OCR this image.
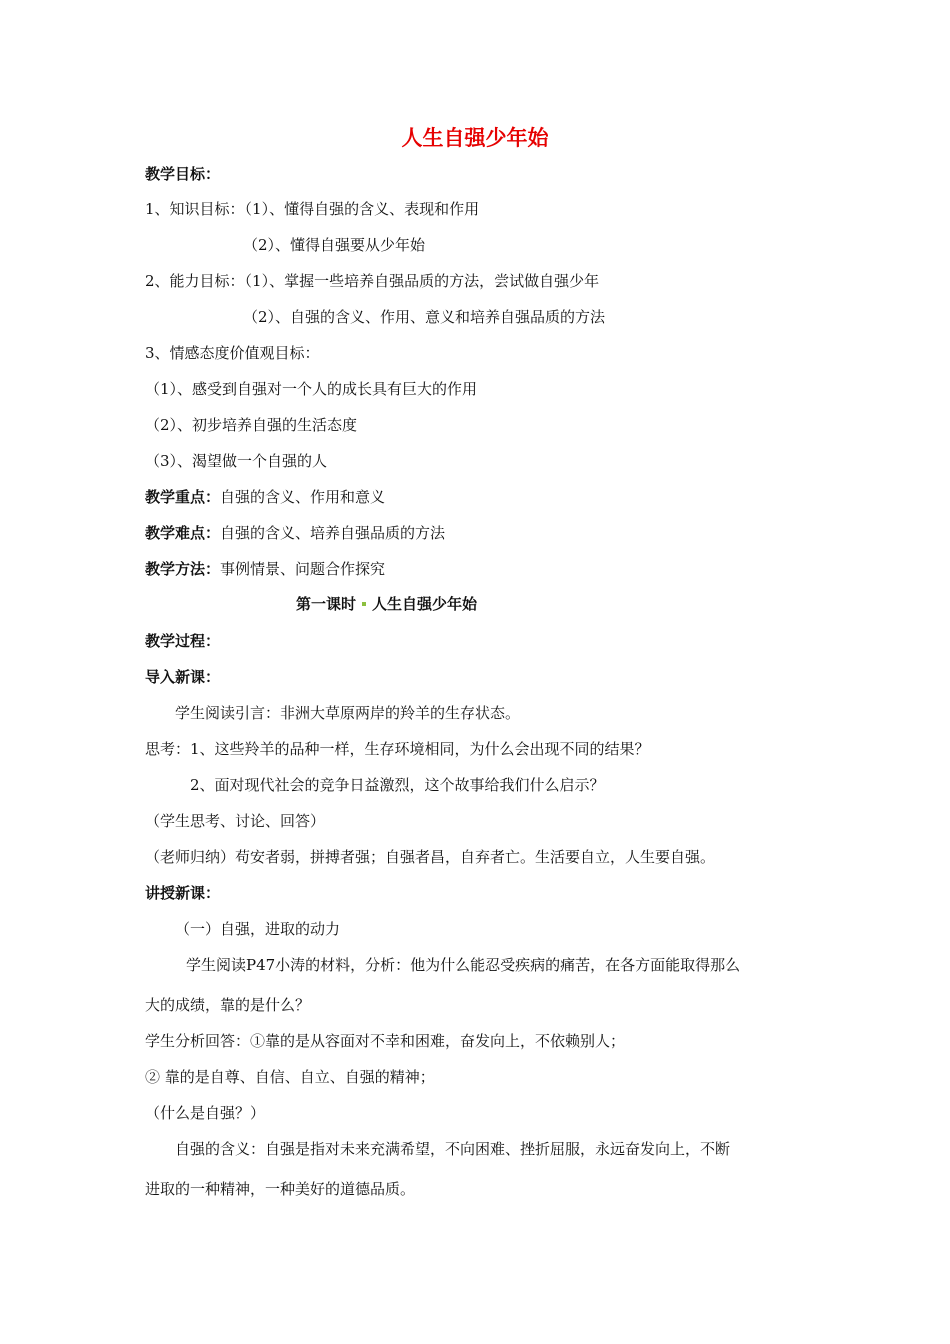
人生自强少年始
教学目标：
1、知识目标：（1）、懂得自强的含义、表现和作用
（2）、懂得自强要从少年始
2、能力目标：（1）、掌握一些培养自强品质的方法，尝试做自强少年
（2）、自强的含义、作用、意义和培养自强品质的方法
3、情感态度价值观目标：
（1）、感受到自强对一个人的成长具有巨大的作用
（2）、初步培养自强的生活态度
（3）、渴望做一个自强的人
教学重点：自强的含义、作用和意义
教学难点：自强的含义、培养自强品质的方法
教学方法：事例情景、问题合作探究
第一课时 人生自强少年始
教学过程：
导入新课：
学生阅读引言：非洲大草原两岸的羚羊的生存状态。
思考：1、这些羚羊的品种一样，生存环境相同，为什么会出现不同的结果？
2、面对现代社会的竞争日益激烈，这个故事给我们什么启示？
（学生思考、讨论、回答）
（老师归纳）苟安者弱，拼搏者强；自强者昌，自弃者亡。生活要自立，人生要自强。
讲授新课：
（一）自强，进取的动力
学生阅读P47小涛的材料，分析：他为什么能忍受疾病的痛苦，在各方面能取得那么
大的成绩，靠的是什么？
学生分析回答：①靠的是从容面对不幸和困难，奋发向上，不依赖别人；
② 靠的是自尊、自信、自立、自强的精神；
（什么是自强？）
自强的含义：自强是指对未来充满希望，不向困难、挫折屈服，永远奋发向上，不断
进取的一种精神，一种美好的道德品质。
